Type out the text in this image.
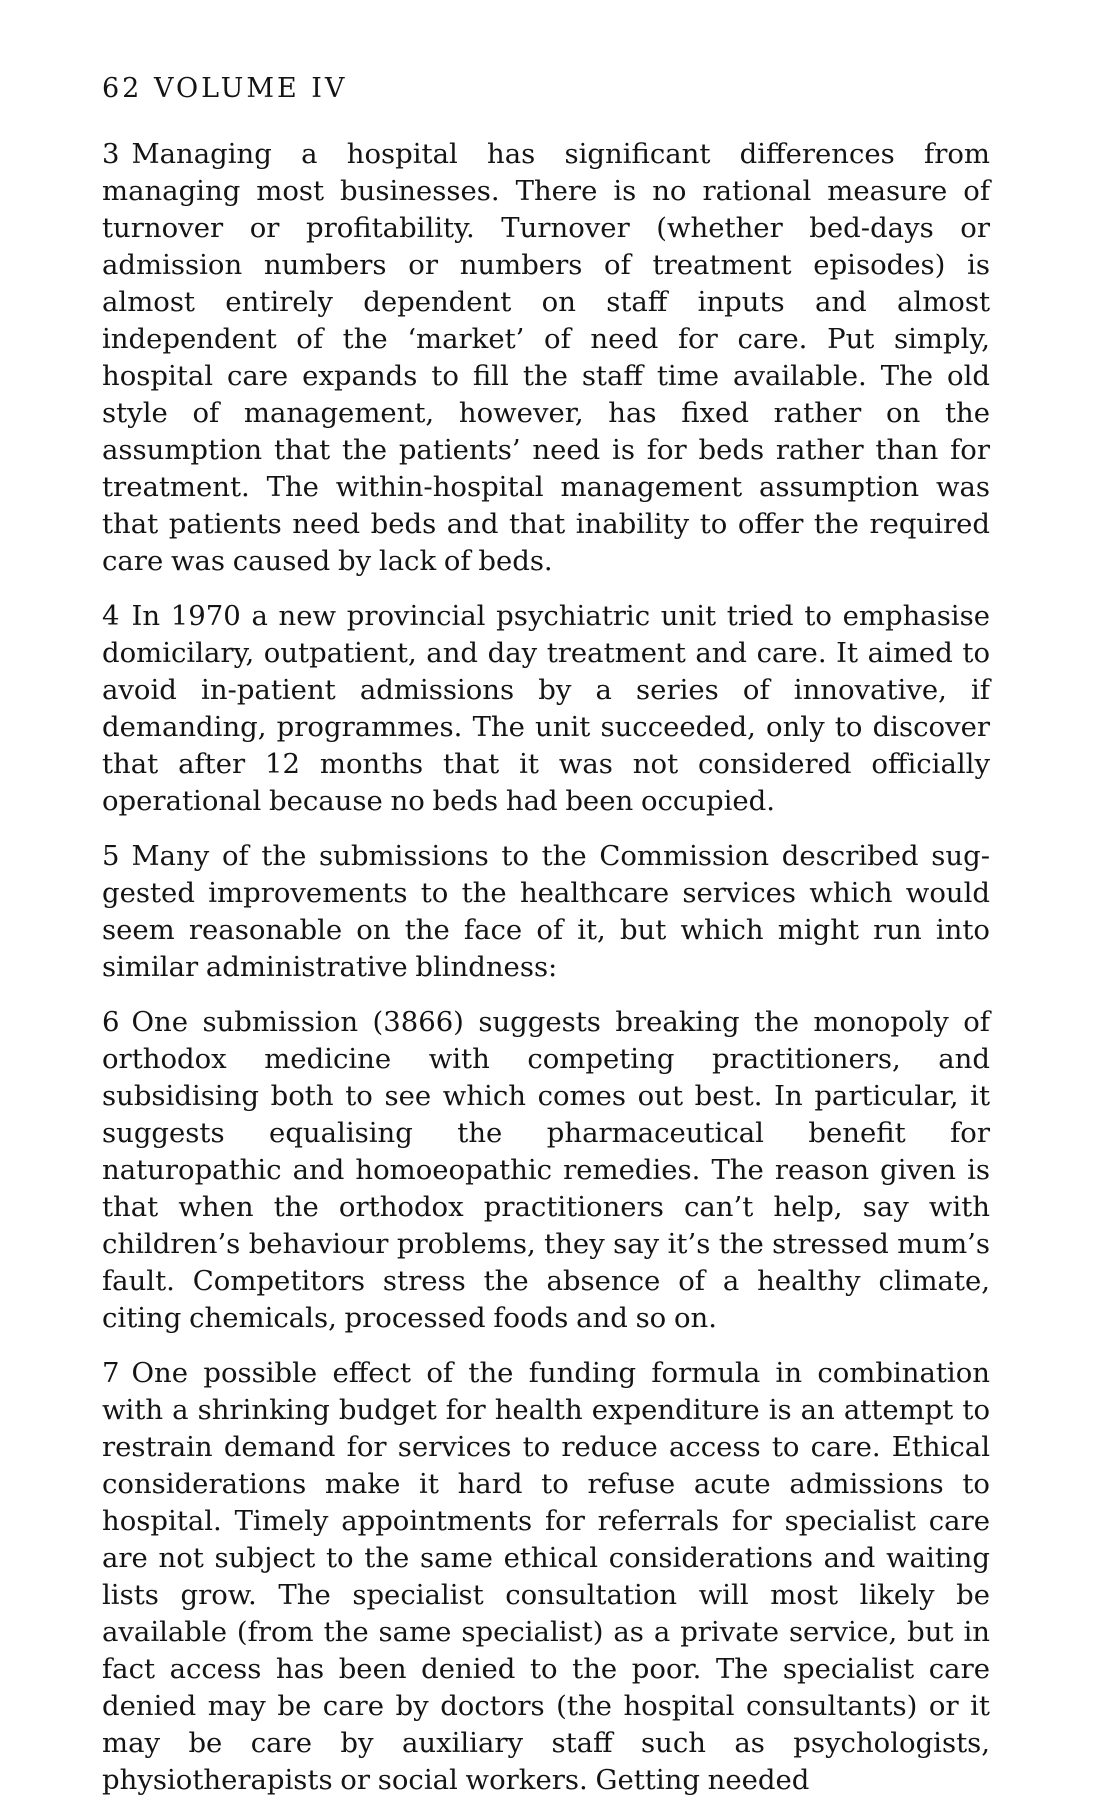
62 VOLUME IV

3 Managing a hospital has significant differences from managing most businesses. There is no rational measure of turnover or profitability. Turnover (whether bed-days or admission numbers or numbers of treatment episodes) is almost entirely dependent on staff inputs and almost independent of the ‘market’ of need for care. Put simply, hospital care expands to fill the staff time available. The old style of management, however, has fixed rather on the assumption that the patients’ need is for beds rather than for treatment. The within-hospital management assumption was that patients need beds and that inability to offer the required care was caused by lack of beds.

4 In 1970 a new provincial psychiatric unit tried to emphasise domicilary, outpatient, and day treatment and care. It aimed to avoid in-patient admissions by a series of innovative, if demanding, programmes. The unit succeeded, only to discover that after 12 months that it was not considered officially operational because no beds had been occupied.

5 Many of the submissions to the Commission described suggested improvements to the healthcare services which would seem reasonable on the face of it, but which might run into similar administrative blindness:

6 One submission (3866) suggests breaking the monopoly of orthodox medicine with competing practitioners, and subsidising both to see which comes out best. In particular, it suggests equalising the pharmaceutical benefit for naturopathic and homoeopathic remedies. The reason given is that when the orthodox practitioners can’t help, say with children’s behaviour problems, they say it’s the stressed mum’s fault. Competitors stress the absence of a healthy climate, citing chemicals, processed foods and so on.

7 One possible effect of the funding formula in combination with a shrinking budget for health expenditure is an attempt to restrain demand for services to reduce access to care. Ethical considerations make it hard to refuse acute admissions to hospital. Timely appointments for referrals for specialist care are not subject to the same ethical considerations and waiting lists grow. The specialist consultation will most likely be available (from the same specialist) as a private service, but in fact access has been denied to the poor. The specialist care denied may be care by doctors (the hospital consultants) or it may be care by auxiliary staff such as psychologists, physiotherapists or social workers. Getting needed
